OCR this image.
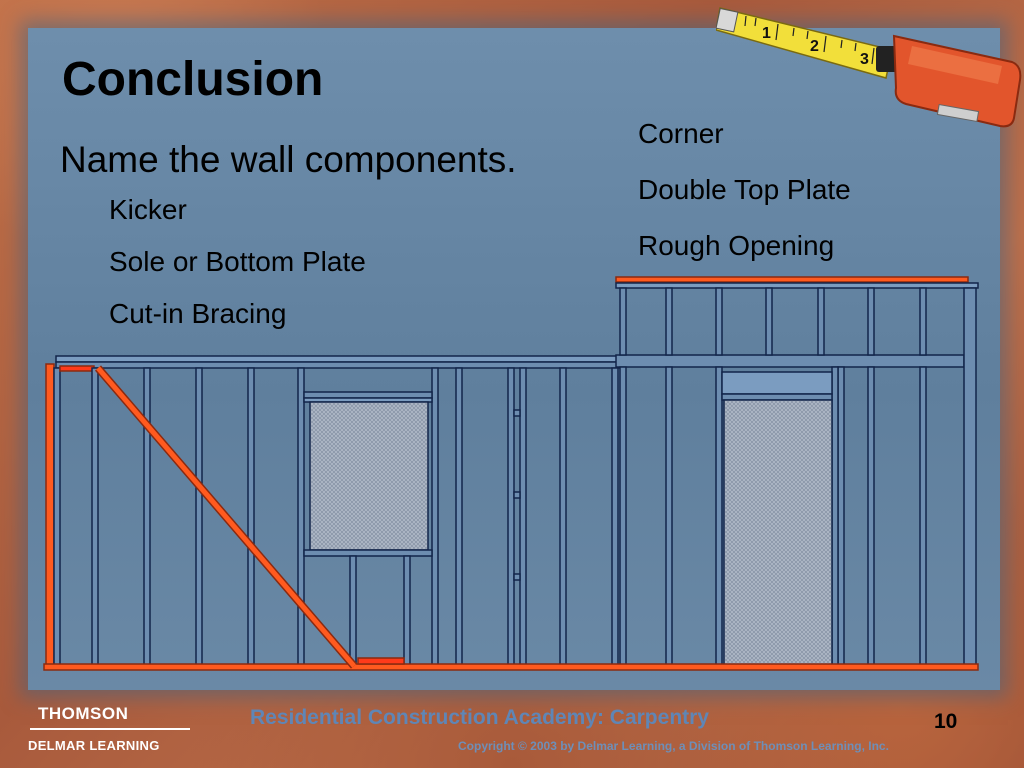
1
2
3
Conclusion
Name the wall components.
Kicker
Sole or Bottom Plate
Cut-in Bracing
Corner
Double Top Plate
Rough Opening
THOMSON
DELMAR LEARNING
Residential Construction Academy: Carpentry
Copyright © 2003 by Delmar Learning, a Division of Thomson Learning, Inc.
10
